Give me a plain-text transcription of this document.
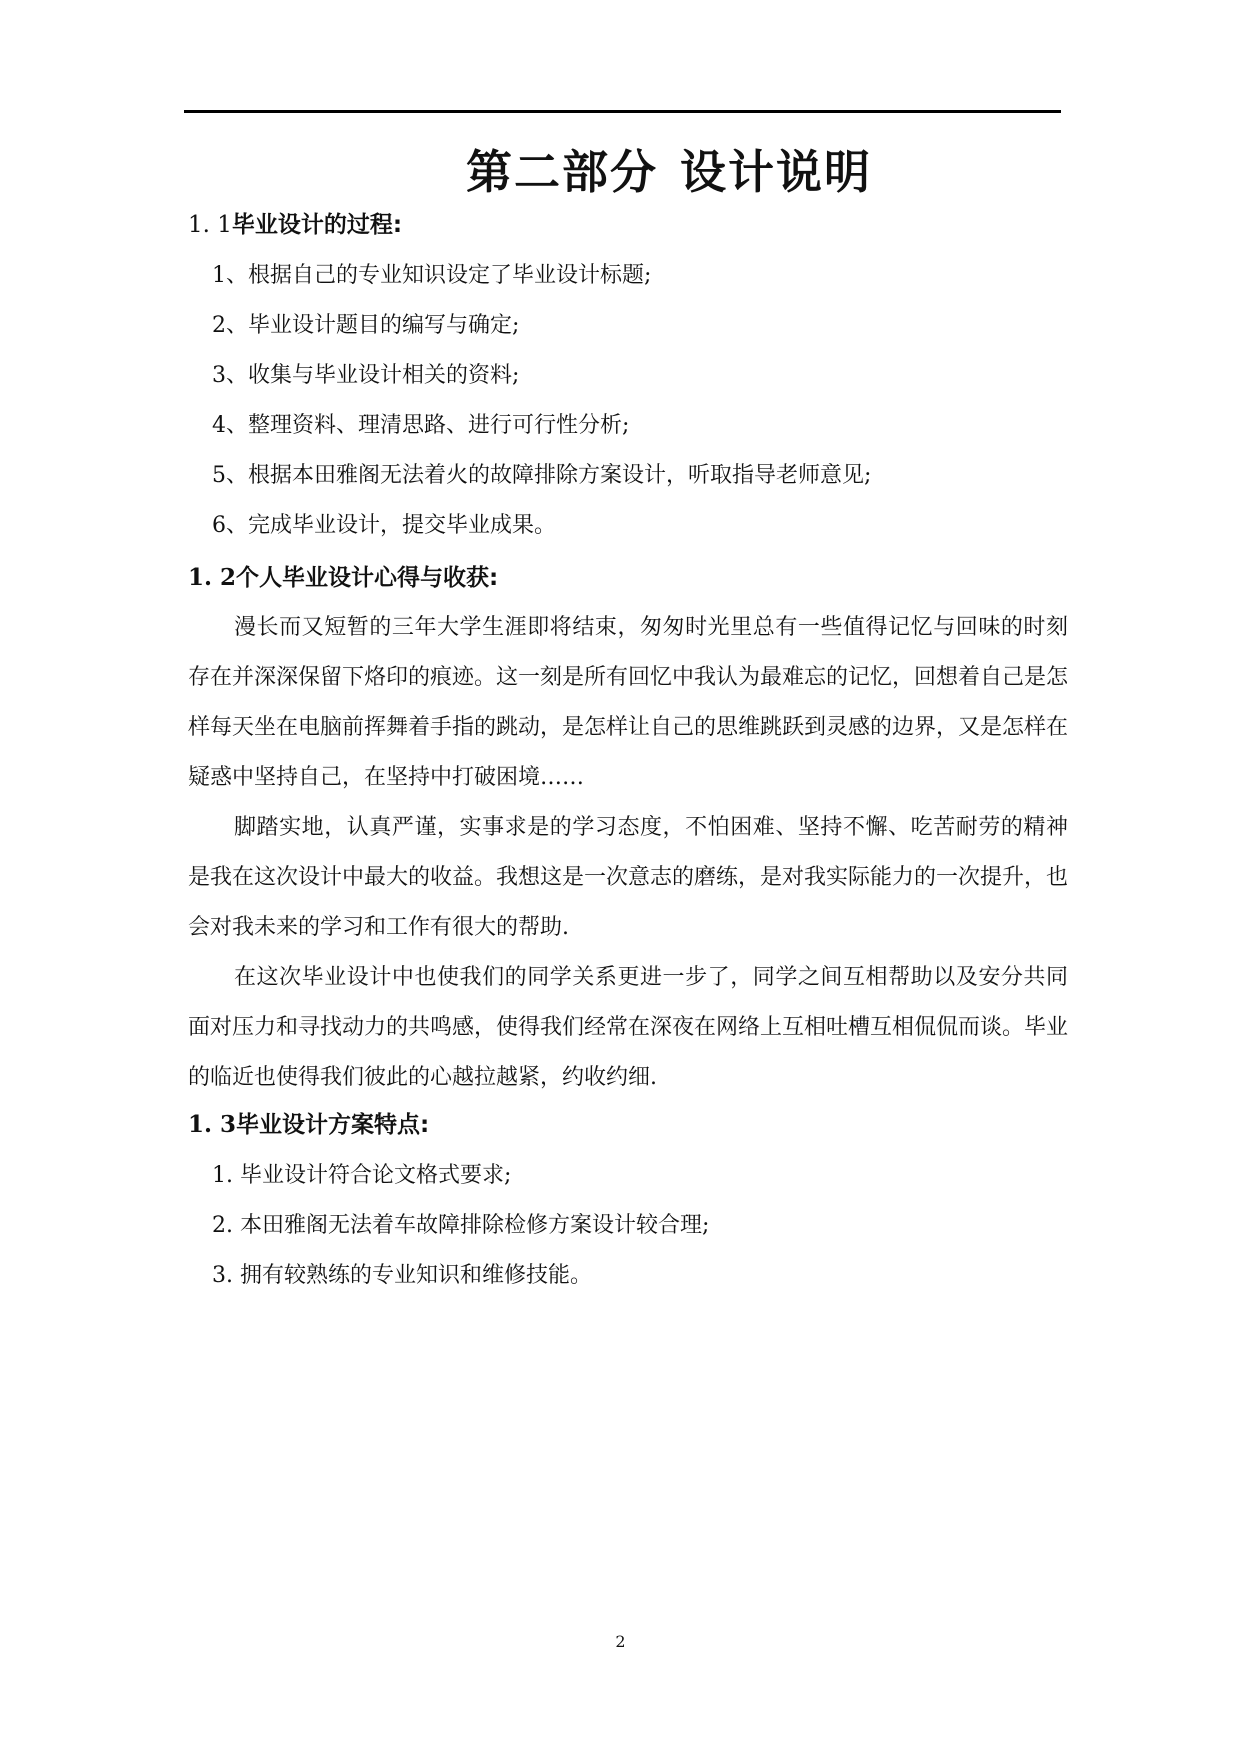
第二部分 设计说明
1. 1毕业设计的过程:
1、根据自己的专业知识设定了毕业设计标题;
2、毕业设计题目的编写与确定;
3、收集与毕业设计相关的资料;
4、整理资料、理清思路、进行可行性分析;
5、根据本田雅阁无法着火的故障排除方案设计，听取指导老师意见;
6、完成毕业设计，提交毕业成果。
1. 2个人毕业设计心得与收获:
漫长而又短暂的三年大学生涯即将结束，匆匆时光里总有一些值得记忆与回味的时刻存在并深深保留下烙印的痕迹。这一刻是所有回忆中我认为最难忘的记忆，回想着自己是怎样每天坐在电脑前挥舞着手指的跳动，是怎样让自己的思维跳跃到灵感的边界，又是怎样在疑惑中坚持自己，在坚持中打破困境……
脚踏实地，认真严谨，实事求是的学习态度，不怕困难、坚持不懈、吃苦耐劳的精神是我在这次设计中最大的收益。我想这是一次意志的磨练，是对我实际能力的一次提升，也会对我未来的学习和工作有很大的帮助.
在这次毕业设计中也使我们的同学关系更进一步了，同学之间互相帮助以及安分共同面对压力和寻找动力的共鸣感，使得我们经常在深夜在网络上互相吐槽互相侃侃而谈。毕业的临近也使得我们彼此的心越拉越紧，约收约细.
1. 3毕业设计方案特点:
1. 毕业设计符合论文格式要求;
2. 本田雅阁无法着车故障排除检修方案设计较合理;
3. 拥有较熟练的专业知识和维修技能。
2
